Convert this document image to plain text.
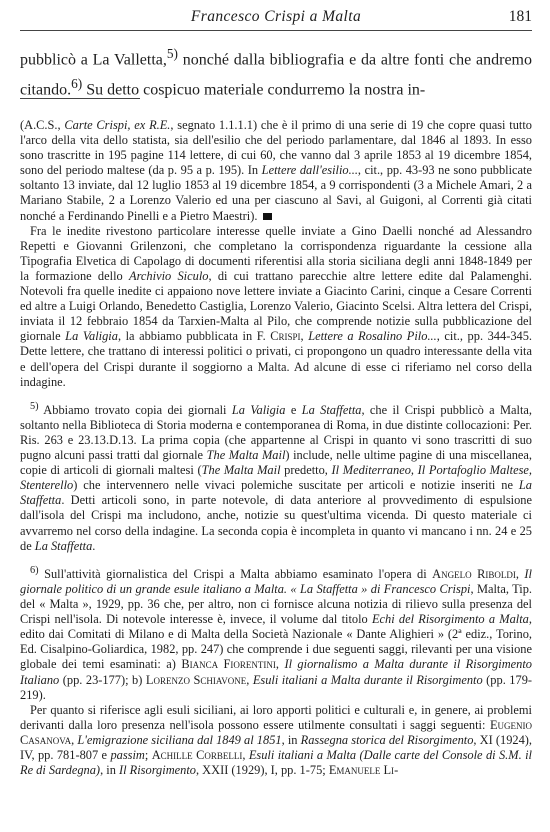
Francesco Crispi a Malta	181
pubblicò a La Valletta,$^{5)}$ nonché dalla bibliografia e da altre fonti che andremo citando.$^{6)}$ Su detto cospicuo materiale condurremo la nostra in-

(A.C.S., Carte Crispi, ex R.E., segnato 1.1.1.1) che è il primo di una serie di 19 che copre quasi tutto l'arco della vita dello statista, sia dell'esilio che del periodo parlamentare, dal 1846 al 1893. In esso sono trascritte in 195 pagine 114 lettere, di cui 60, che vanno dal 3 aprile 1853 al 19 dicembre 1854, sono del periodo maltese (da p. 95 a p. 195). In Lettere dall'esilio..., cit., pp. 43-93 ne sono pubblicate soltanto 13 inviate, dal 12 luglio 1853 al 19 dicembre 1854, a 9 corrispondenti (3 a Michele Amari, 2 a Mariano Stabile, 2 a Lorenzo Valerio ed una per ciascuno al Savi, al Guigoni, al Correnti già citati nonché a Ferdinando Pinelli e a Pietro Maestri).

Fra le inedite rivestono particolare interesse quelle inviate a Gino Daelli nonché ad Alessandro Repetti e Giovanni Grilenzoni, che completano la corrispondenza riguardante la cessione alla Tipografia Elvetica di Capolago di documenti riferentisi alla storia siciliana degli anni 1848-1849 per la formazione dello Archivio Siculo, di cui trattano parecchie altre lettere edite dal Palamenghi. Notevoli fra quelle inedite ci appaiono nove lettere inviate a Giacinto Carini, cinque a Cesare Correnti ed altre a Luigi Orlando, Benedetto Castiglia, Lorenzo Valerio, Giacinto Scelsi. Altra lettera del Crispi, inviata il 12 febbraio 1854 da Tarxien-Malta al Pilo, che comprende notizie sulla pubblicazione del giornale La Valigia, la abbiamo pubblicata in F. Crispi, Lettere a Rosalino Pilo..., cit., pp. 344-345. Dette lettere, che trattano di interessi politici o privati, ci propongono un quadro interessante della vita e dell'opera del Crispi durante il soggiorno a Malta. Ad alcune di esse ci riferiamo nel corso della indagine.

$^{5)}$ Abbiamo trovato copia dei giornali La Valigia e La Staffetta, che il Crispi pubblicò a Malta, soltanto nella Biblioteca di Storia moderna e contemporanea di Roma, in due distinte collocazioni: Per. Ris. 263 e 23.13.D.13. La prima copia (che appartenne al Crispi in quanto vi sono trascritti di suo pugno alcuni passi tratti dal giornale The Malta Mail) include, nelle ultime pagine di una miscellanea, copie di articoli di giornali maltesi (The Malta Mail predetto, Il Mediterraneo, Il Portafoglio Maltese, Stenterello) che intervennero nelle vivaci polemiche suscitate per articoli e notizie inseriti ne La Staffetta. Detti articoli sono, in parte notevole, di data anteriore al provvedimento di espulsione dall'isola del Crispi ma includono, anche, notizie su quest'ultima vicenda. Di questo materiale ci avvarremo nel corso della indagine. La seconda copia è incompleta in quanto vi mancano i nn. 24 e 25 de La Staffetta.

$^{6)}$ Sull'attività giornalistica del Crispi a Malta abbiamo esaminato l'opera di Angelo Riboldi, Il giornale politico di un grande esule italiano a Malta. « La Staffetta » di Francesco Crispi, Malta, Tip. del « Malta », 1929, pp. 36 che, per altro, non ci fornisce alcuna notizia di rilievo sulla presenza del Crispi nell'isola. Di notevole interesse è, invece, il volume dal titolo Echi del Risorgimento a Malta, edito dai Comitati di Milano e di Malta della Società Nazionale « Dante Alighieri » (2ª ediz., Torino, Ed. Cisalpino-Goliardica, 1982, pp. 247) che comprende i due seguenti saggi, rilevanti per una visione globale dei temi esaminati: a) Bianca Fiorentini, Il giornalismo a Malta durante il Risorgimento Italiano (pp. 23-177); b) Lorenzo Schiavone, Esuli italiani a Malta durante il Risorgimento (pp. 179-219).

Per quanto si riferisce agli esuli siciliani, ai loro apporti politici e culturali e, in genere, ai problemi derivanti dalla loro presenza nell'isola possono essere utilmente consultati i saggi seguenti: Eugenio Casanova, L'emigrazione siciliana dal 1849 al 1851, in Rassegna storica del Risorgimento, XI (1924), IV, pp. 781-807 e passim; Achille Corbelli, Esuli italiani a Malta (Dalle carte del Console di S.M. il Re di Sardegna), in Il Risorgimento, XXII (1929), I, pp. 1-75; Emanuele Li-
